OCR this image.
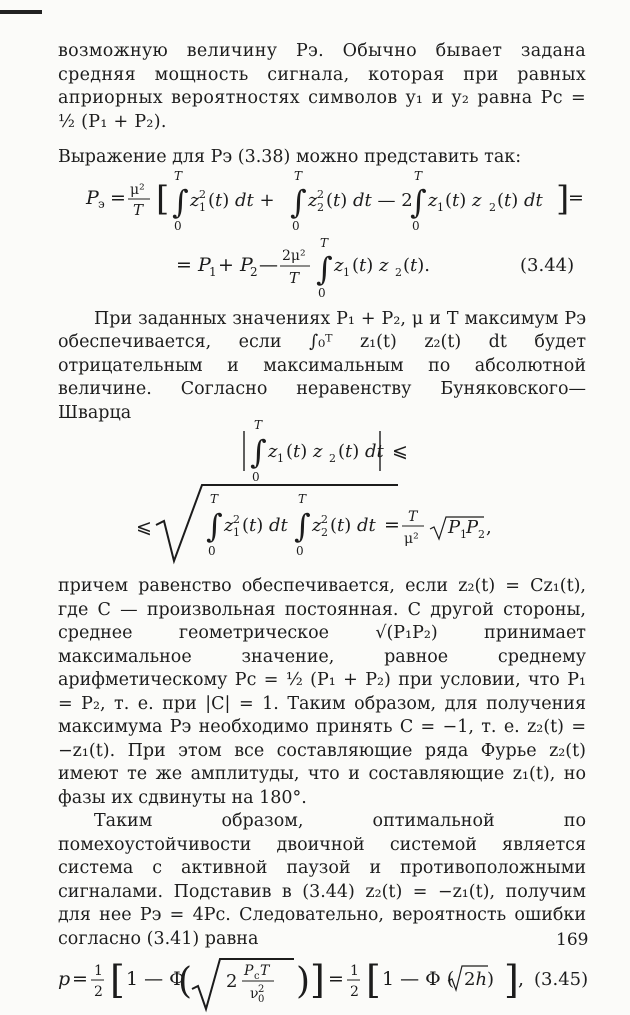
возможную величину Pэ. Обычно бывает задана средняя мощность сигнала, которая при равных априорных вероятностях символов y₁ и y₂ равна Pс = ½ (P₁ + P₂).

Выражение для Pэ (3.38) можно представить так:

P э = μ²
T [ ∫
T
0
z 2
1 (t) dt + ∫
T
0
z 2
2 (t) dt — 2
∫
T
0
z 1 (t) z 2 (t) dt ]
=
= P
1 + P
2 — 2μ²
T ∫
T
0
z 1 (t) z 2 (t).	(3.44)

При заданных значениях P₁ + P₂, μ и T максимум Pэ обеспечивается, если ∫₀ᵀ z₁(t) z₂(t) dt будет отрицательным и максимальным по абсолютной величине. Согласно неравенству Буняковского—Шварца

∫
T
0
z 1 (t) z 2 (t) dt ⩽
⩽ ∫
T
0
z 2
1 (t) dt ∫
T
0
z 2
2 (t) dt = T
μ²
P 1 P 2 ,

причем равенство обеспечивается, если z₂(t) = Cz₁(t), где C — произвольная постоянная. С другой стороны, среднее геометрическое √(P₁P₂) принимает максимальное значение, равное среднему арифметическому Pс = ½ (P₁ + P₂) при условии, что P₁ = P₂, т. е. при |C| = 1. Таким образом, для получения максимума Pэ необходимо принять C = −1, т. е. z₂(t) = −z₁(t). При этом все составляющие ряда Фурье z₂(t) имеют те же амплитуды, что и составляющие z₁(t), но фазы их сдвинуты на 180°.

Таким образом, оптимальной по помехоустойчивости двоичной системой является система с активной паузой и противоположными сигналами. Подставив в (3.44) z₂(t) = −z₁(t), получим для нее Pэ = 4Pс. Следовательно, вероятность ошибки согласно (3.41) равна

p = 1
2 [ 1 — Φ
( 2 P c T
ν 2
0 ) ] = 1
2 [ 1 — Φ ( 2h) ] , (3.45)
169
